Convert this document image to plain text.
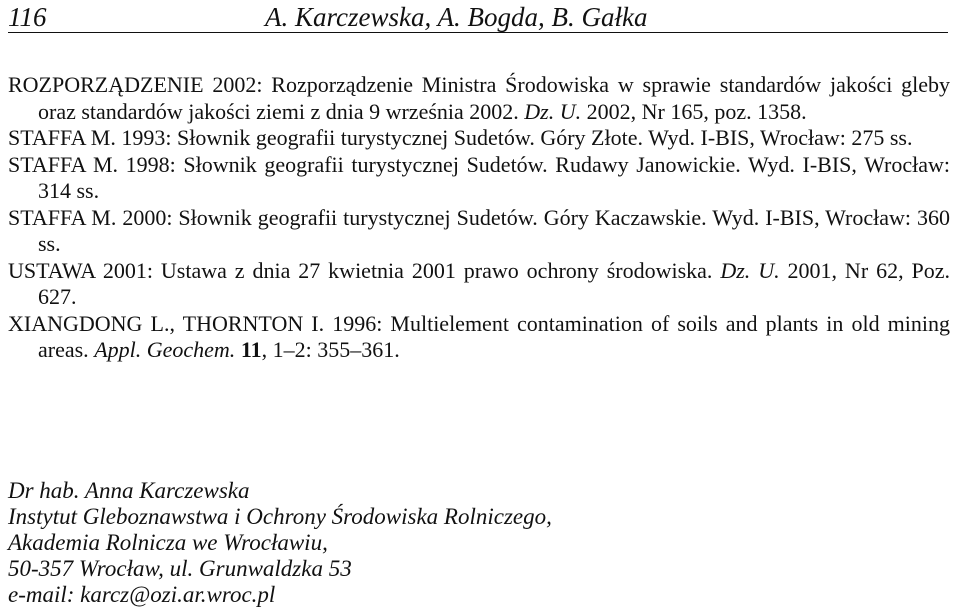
116	A. Karczewska, A. Bogda, B. Gałka
ROZPORZĄDZENIE 2002: Rozporządzenie Ministra Środowiska w sprawie standardów jakości gleby oraz standardów jakości ziemi z dnia 9 września 2002. Dz. U. 2002, Nr 165, poz. 1358.
STAFFA M. 1993: Słownik geografii turystycznej Sudetów. Góry Złote. Wyd. I-BIS, Wrocław: 275 ss.
STAFFA M. 1998: Słownik geografii turystycznej Sudetów. Rudawy Janowickie. Wyd. I-BIS, Wrocław: 314 ss.
STAFFA M. 2000: Słownik geografii turystycznej Sudetów. Góry Kaczawskie. Wyd. I-BIS, Wrocław: 360 ss.
USTAWA 2001: Ustawa z dnia 27 kwietnia 2001 prawo ochrony środowiska. Dz. U. 2001, Nr 62, Poz. 627.
XIANGDONG L., THORNTON I. 1996: Multielement contamination of soils and plants in old mining areas. Appl. Geochem. 11, 1–2: 355–361.
Dr hab. Anna Karczewska
Instytut Gleboznawstwa i Ochrony Środowiska Rolniczego,
Akademia Rolnicza we Wrocławiu,
50-357 Wrocław, ul. Grunwaldzka 53
e-mail: karcz@ozi.ar.wroc.pl
